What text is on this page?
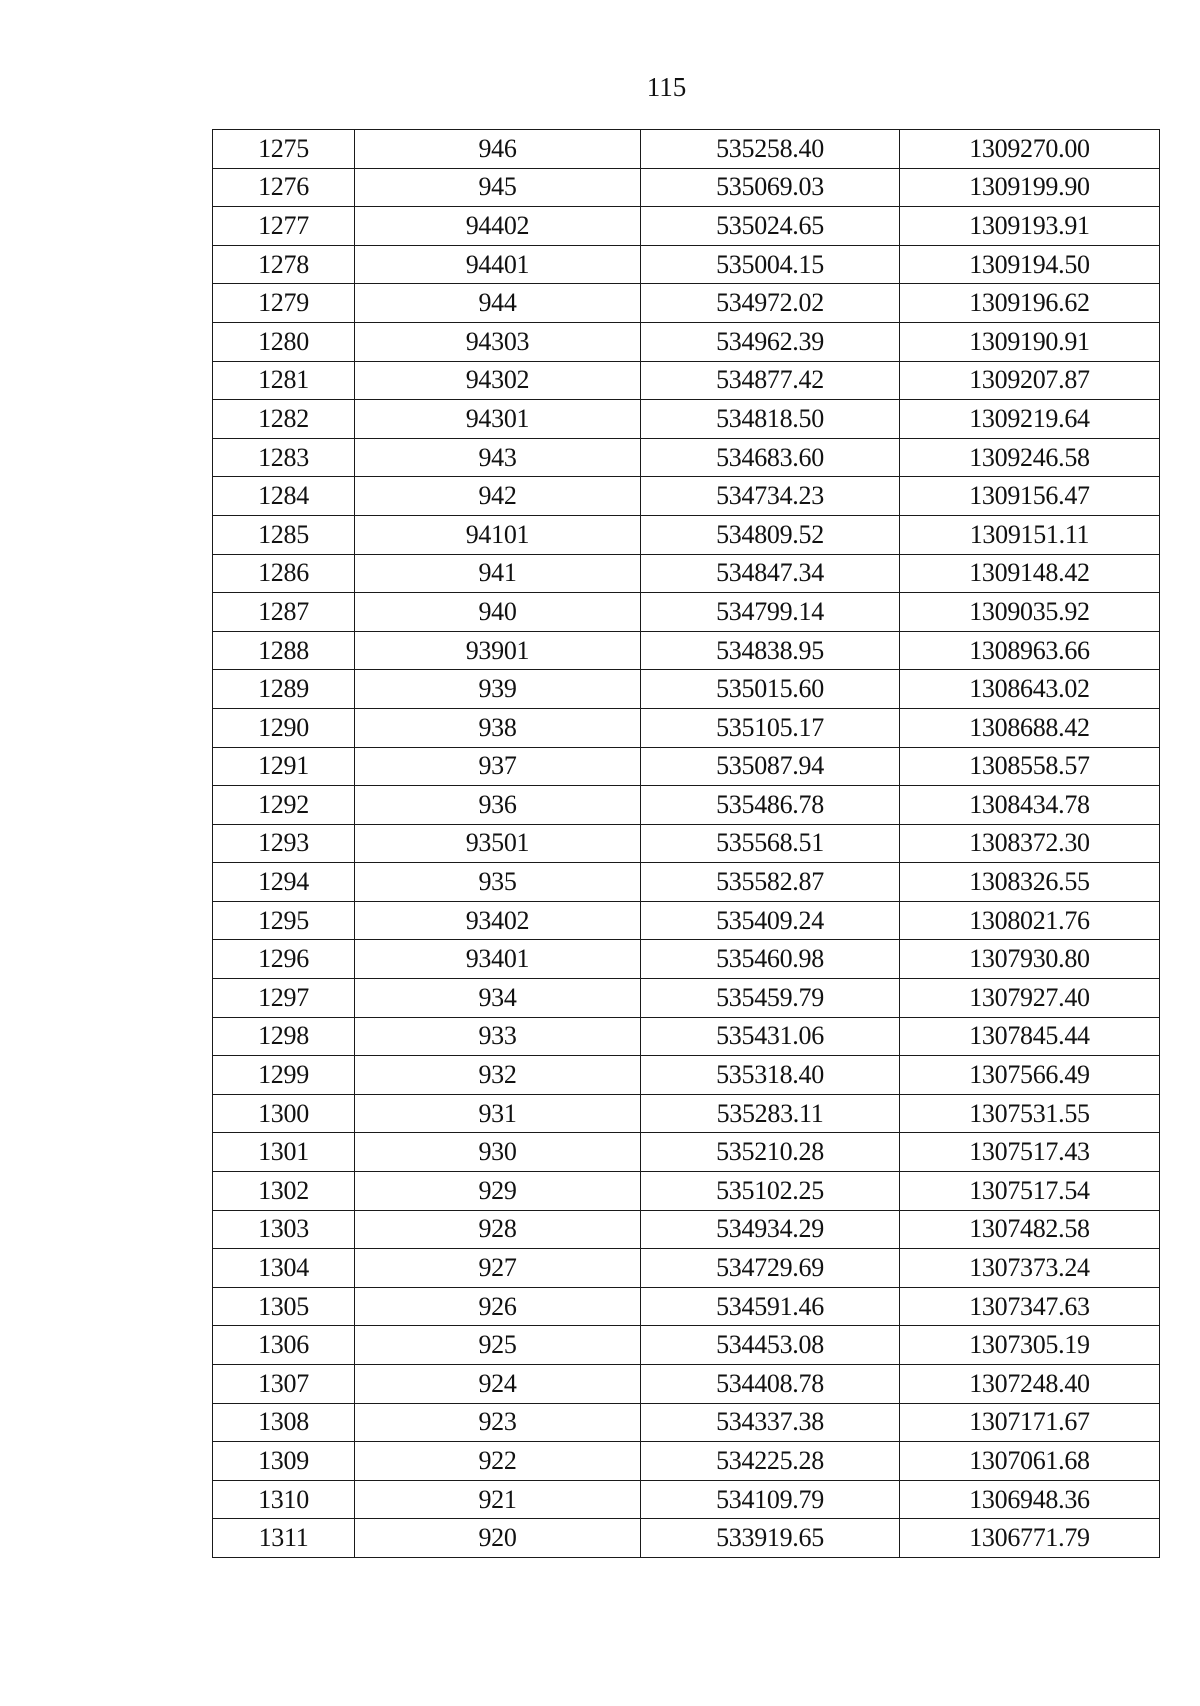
115
1275	946	535258.40	1309270.00
1276	945	535069.03	1309199.90
1277	94402	535024.65	1309193.91
1278	94401	535004.15	1309194.50
1279	944	534972.02	1309196.62
1280	94303	534962.39	1309190.91
1281	94302	534877.42	1309207.87
1282	94301	534818.50	1309219.64
1283	943	534683.60	1309246.58
1284	942	534734.23	1309156.47
1285	94101	534809.52	1309151.11
1286	941	534847.34	1309148.42
1287	940	534799.14	1309035.92
1288	93901	534838.95	1308963.66
1289	939	535015.60	1308643.02
1290	938	535105.17	1308688.42
1291	937	535087.94	1308558.57
1292	936	535486.78	1308434.78
1293	93501	535568.51	1308372.30
1294	935	535582.87	1308326.55
1295	93402	535409.24	1308021.76
1296	93401	535460.98	1307930.80
1297	934	535459.79	1307927.40
1298	933	535431.06	1307845.44
1299	932	535318.40	1307566.49
1300	931	535283.11	1307531.55
1301	930	535210.28	1307517.43
1302	929	535102.25	1307517.54
1303	928	534934.29	1307482.58
1304	927	534729.69	1307373.24
1305	926	534591.46	1307347.63
1306	925	534453.08	1307305.19
1307	924	534408.78	1307248.40
1308	923	534337.38	1307171.67
1309	922	534225.28	1307061.68
1310	921	534109.79	1306948.36
1311	920	533919.65	1306771.79
